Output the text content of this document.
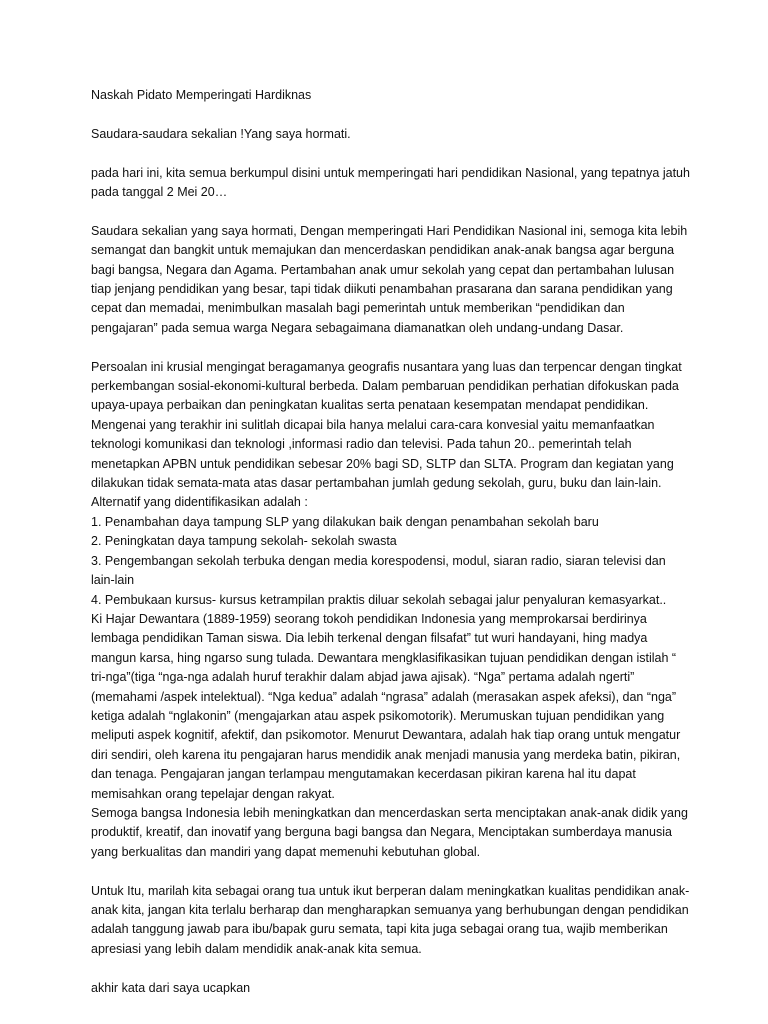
Naskah Pidato Memperingati Hardiknas

Saudara-saudara sekalian !Yang saya hormati.

pada hari ini, kita semua berkumpul disini untuk memperingati hari pendidikan Nasional, yang tepatnya jatuh pada tanggal 2 Mei 20…

Saudara sekalian yang saya hormati, Dengan memperingati Hari Pendidikan Nasional ini, semoga kita lebih semangat dan bangkit untuk memajukan dan mencerdaskan pendidikan anak-anak bangsa agar berguna bagi bangsa, Negara dan Agama. Pertambahan anak umur sekolah yang cepat dan pertambahan lulusan tiap jenjang pendidikan yang besar, tapi tidak diikuti penambahan prasarana dan sarana pendidikan yang cepat dan memadai, menimbulkan masalah bagi pemerintah untuk memberikan “pendidikan dan pengajaran” pada semua warga Negara sebagaimana diamanatkan oleh undang-undang Dasar.

Persoalan ini krusial mengingat beragamanya geografis nusantara yang luas dan terpencar dengan tingkat perkembangan sosial-ekonomi-kultural berbeda. Dalam pembaruan pendidikan perhatian difokuskan pada upaya-upaya perbaikan dan peningkatan kualitas serta penataan kesempatan mendapat pendidikan. Mengenai yang terakhir ini sulitlah dicapai bila hanya melalui cara-cara konvesial yaitu memanfaatkan teknologi komunikasi dan teknologi ,informasi radio dan televisi. Pada tahun 20.. pemerintah telah menetapkan APBN untuk pendidikan sebesar 20% bagi SD, SLTP dan SLTA. Program dan kegiatan yang dilakukan tidak semata-mata atas dasar pertambahan jumlah gedung sekolah, guru, buku dan lain-lain. Alternatif yang didentifikasikan adalah :

1. Penambahan daya tampung SLP yang dilakukan baik dengan penambahan sekolah baru

2. Peningkatan daya tampung sekolah- sekolah swasta

3. Pengembangan sekolah terbuka dengan media korespodensi, modul, siaran radio, siaran televisi dan lain-lain

4. Pembukaan kursus- kursus ketrampilan praktis diluar sekolah sebagai jalur penyaluran kemasyarkat..

Ki Hajar Dewantara (1889-1959) seorang tokoh pendidikan Indonesia yang memprokarsai berdirinya lembaga pendidikan Taman siswa. Dia lebih terkenal dengan filsafat” tut wuri handayani, hing madya mangun karsa, hing ngarso sung tulada. Dewantara mengklasifikasikan tujuan pendidikan dengan istilah “ tri-nga”(tiga “nga-nga adalah huruf terakhir dalam abjad jawa ajisak). “Nga” pertama adalah ngerti” (memahami /aspek intelektual). “Nga kedua” adalah “ngrasa” adalah (merasakan aspek afeksi), dan “nga” ketiga adalah “nglakonin” (mengajarkan atau aspek psikomotorik). Merumuskan tujuan pendidikan yang meliputi aspek kognitif, afektif, dan psikomotor. Menurut Dewantara, adalah hak tiap orang untuk mengatur diri sendiri, oleh karena itu pengajaran harus mendidik anak menjadi manusia yang merdeka batin, pikiran, dan tenaga. Pengajaran jangan terlampau mengutamakan kecerdasan pikiran karena hal itu dapat memisahkan orang tepelajar dengan rakyat.

Semoga bangsa Indonesia lebih meningkatkan dan mencerdaskan serta menciptakan anak-anak didik yang produktif, kreatif, dan inovatif yang berguna bagi bangsa dan Negara, Menciptakan sumberdaya manusia yang berkualitas dan mandiri yang dapat memenuhi kebutuhan global.

Untuk Itu, marilah kita sebagai orang tua untuk ikut berperan dalam meningkatkan kualitas pendidikan anak-anak kita, jangan kita terlalu berharap dan mengharapkan semuanya yang berhubungan dengan pendidikan adalah tanggung jawab para ibu/bapak guru semata, tapi kita juga sebagai orang tua, wajib memberikan apresiasi yang lebih dalam mendidik anak-anak kita semua.

akhir kata dari saya ucapkan
